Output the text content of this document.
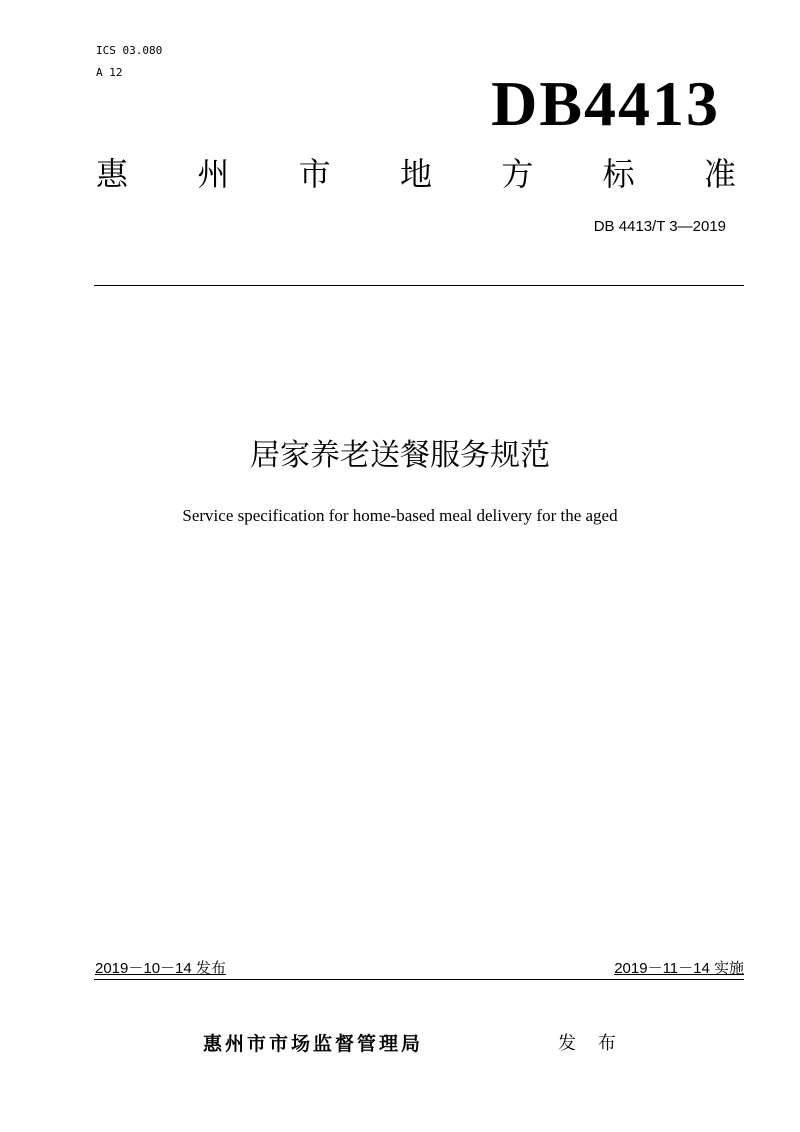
ICS 03.080
A 12	DB4413
惠 州 市 地 方 标 准
DB 4413/T 3—2019
居家养老送餐服务规范
Service specification for home-based meal delivery for the aged
2019－10－14 发布	2019－11－14 实施
惠州市市场监督管理局	发 布
